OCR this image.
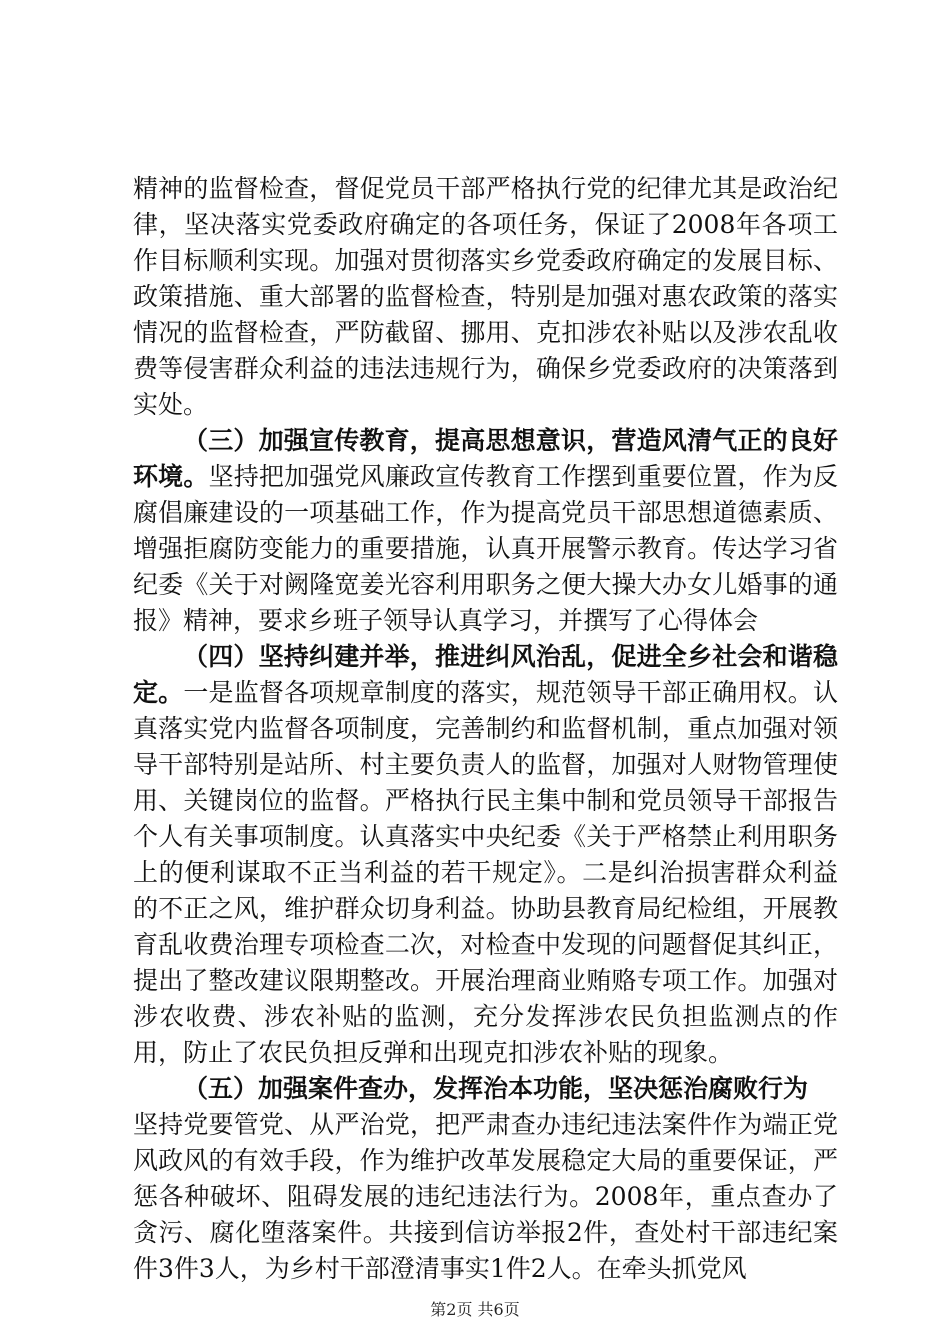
精神的监督检查，督促党员干部严格执行党的纪律尤其是政治纪律，坚决落实党委政府确定的各项任务，保证了2008年各项工作目标顺利实现。加强对贯彻落实乡党委政府确定的发展目标、政策措施、重大部署的监督检查，特别是加强对惠农政策的落实情况的监督检查，严防截留、挪用、克扣涉农补贴以及涉农乱收费等侵害群众利益的违法违规行为，确保乡党委政府的决策落到实处。

（三）加强宣传教育，提高思想意识，营造风清气正的良好环境。坚持把加强党风廉政宣传教育工作摆到重要位置，作为反腐倡廉建设的一项基础工作，作为提高党员干部思想道德素质、增强拒腐防变能力的重要措施，认真开展警示教育。传达学习省纪委《关于对阙隆宽姜光容利用职务之便大操大办女儿婚事的通报》精神，要求乡班子领导认真学习，并撰写了心得体会

（四）坚持纠建并举，推进纠风治乱，促进全乡社会和谐稳定。一是监督各项规章制度的落实，规范领导干部正确用权。认真落实党内监督各项制度，完善制约和监督机制，重点加强对领导干部特别是站所、村主要负责人的监督，加强对人财物管理使用、关键岗位的监督。严格执行民主集中制和党员领导干部报告个人有关事项制度。认真落实中央纪委《关于严格禁止利用职务上的便利谋取不正当利益的若干规定》。二是纠治损害群众利益的不正之风，维护群众切身利益。协助县教育局纪检组，开展教育乱收费治理专项检查二次，对检查中发现的问题督促其纠正，提出了整改建议限期整改。开展治理商业贿赂专项工作。加强对涉农收费、涉农补贴的监测，充分发挥涉农民负担监测点的作用，防止了农民负担反弹和出现克扣涉农补贴的现象。

（五）加强案件查办，发挥治本功能，坚决惩治腐败行为

坚持党要管党、从严治党，把严肃查办违纪违法案件作为端正党风政风的有效手段，作为维护改革发展稳定大局的重要保证，严惩各种破坏、阻碍发展的违纪违法行为。2008年，重点查办了贪污、腐化堕落案件。共接到信访举报2件，查处村干部违纪案件3件3人，为乡村干部澄清事实1件2人。在牵头抓党风

第2页 共6页
